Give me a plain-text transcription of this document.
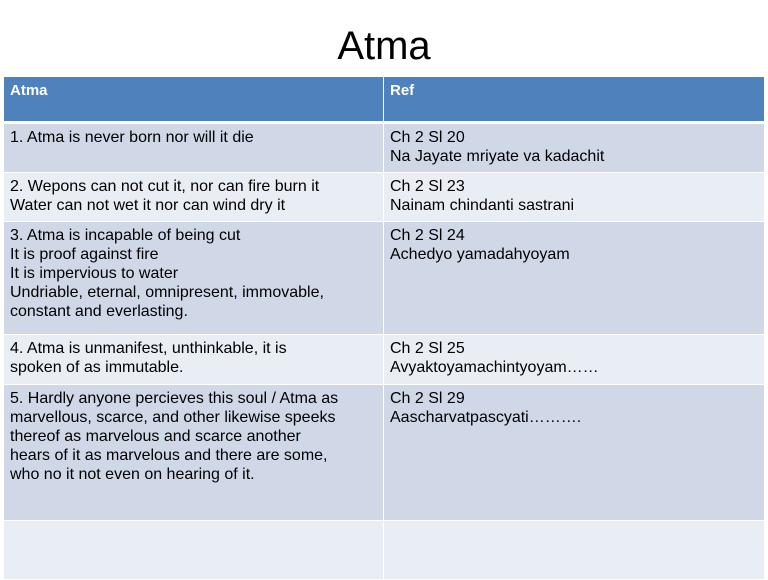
Atma
Atma	Ref

1. Atma is never born nor will it die	Ch 2 Sl 20
Na Jayate mriyate va kadachit

2. Wepons can not cut it, nor can fire burn it
Water can not wet it nor can wind dry it	Ch 2 Sl 23
Nainam chindanti sastrani

3. Atma is incapable of being cut
It is proof against fire
It is impervious to water
Undriable, eternal, omnipresent, immovable,
constant and everlasting.	Ch 2 Sl 24
Achedyo yamadahyoyam

4. Atma is unmanifest, unthinkable, it is
spoken of as immutable.	Ch 2 Sl 25
Avyaktoyamachintyoyam……

5. Hardly anyone percieves this soul / Atma as
marvellous, scarce, and other likewise speeks
thereof as marvelous and scarce another
hears of it as marvelous and there are some,
who no it not even on hearing of it.	Ch 2 Sl 29
Aascharvatpascyati……….
